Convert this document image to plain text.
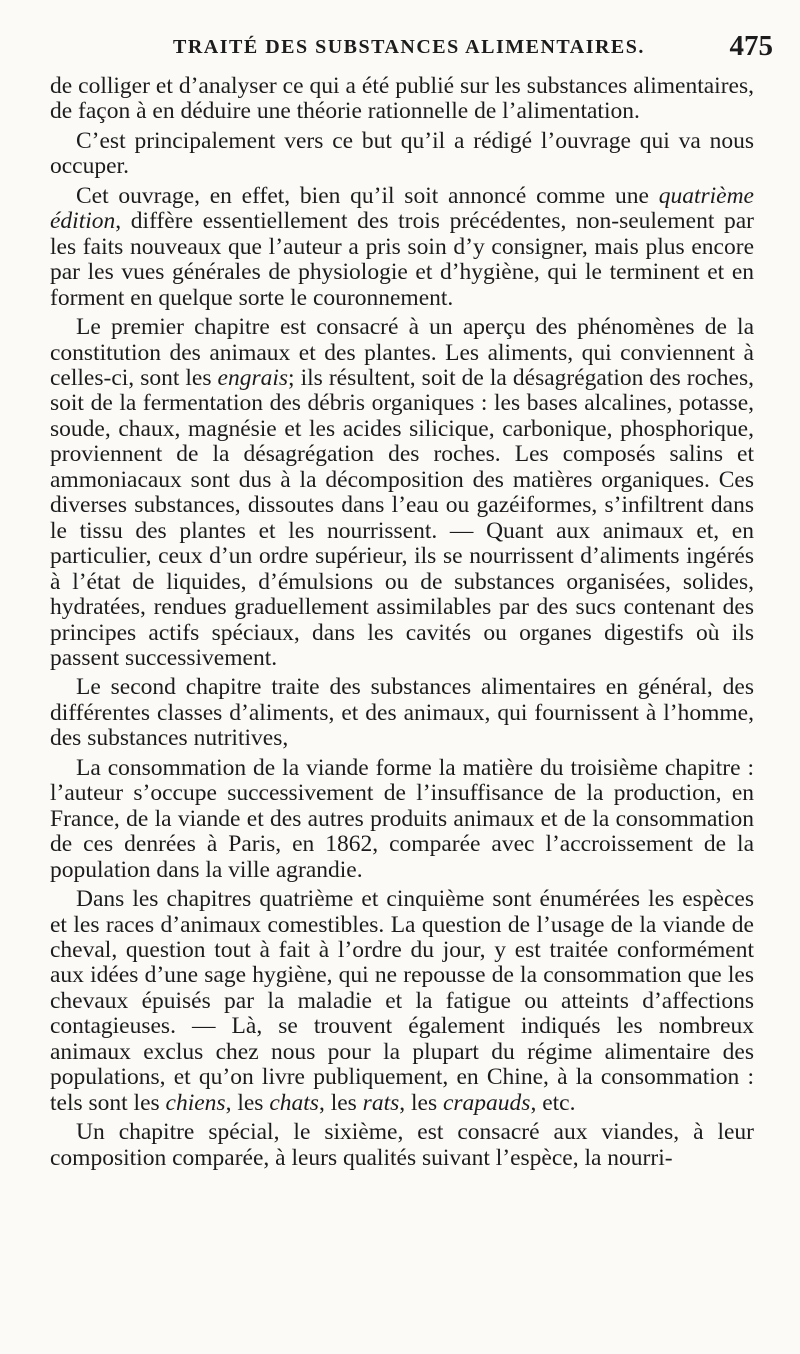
TRAITÉ DES SUBSTANCES ALIMENTAIRES.	475

de colliger et d’analyser ce qui a été publié sur les substances alimentaires, de façon à en déduire une théorie rationnelle de l’alimentation.

C’est principalement vers ce but qu’il a rédigé l’ouvrage qui va nous occuper.

Cet ouvrage, en effet, bien qu’il soit annoncé comme une quatrième édition, diffère essentiellement des trois précédentes, non-seulement par les faits nouveaux que l’auteur a pris soin d’y consigner, mais plus encore par les vues générales de physiologie et d’hygiène, qui le terminent et en forment en quelque sorte le couronnement.

Le premier chapitre est consacré à un aperçu des phénomènes de la constitution des animaux et des plantes. Les aliments, qui conviennent à celles-ci, sont les engrais; ils résultent, soit de la désagrégation des roches, soit de la fermentation des débris organiques : les bases alcalines, potasse, soude, chaux, magnésie et les acides silicique, carbonique, phosphorique, proviennent de la désagrégation des roches. Les composés salins et ammoniacaux sont dus à la décomposition des matières organiques. Ces diverses substances, dissoutes dans l’eau ou gazéiformes, s’infiltrent dans le tissu des plantes et les nourrissent. — Quant aux animaux et, en particulier, ceux d’un ordre supérieur, ils se nourrissent d’aliments ingérés à l’état de liquides, d’émulsions ou de substances organisées, solides, hydratées, rendues graduellement assimilables par des sucs contenant des principes actifs spéciaux, dans les cavités ou organes digestifs où ils passent successivement.

Le second chapitre traite des substances alimentaires en général, des différentes classes d’aliments, et des animaux, qui fournissent à l’homme, des substances nutritives,

La consommation de la viande forme la matière du troisième chapitre : l’auteur s’occupe successivement de l’insuffisance de la production, en France, de la viande et des autres produits animaux et de la consommation de ces denrées à Paris, en 1862, comparée avec l’accroissement de la population dans la ville agrandie.

Dans les chapitres quatrième et cinquième sont énumérées les espèces et les races d’animaux comestibles. La question de l’usage de la viande de cheval, question tout à fait à l’ordre du jour, y est traitée conformément aux idées d’une sage hygiène, qui ne repousse de la consommation que les chevaux épuisés par la maladie et la fatigue ou atteints d’affections contagieuses. — Là, se trouvent également indiqués les nombreux animaux exclus chez nous pour la plupart du régime alimentaire des populations, et qu’on livre publiquement, en Chine, à la consommation : tels sont les chiens, les chats, les rats, les crapauds, etc.

Un chapitre spécial, le sixième, est consacré aux viandes, à leur composition comparée, à leurs qualités suivant l’espèce, la nourri-
